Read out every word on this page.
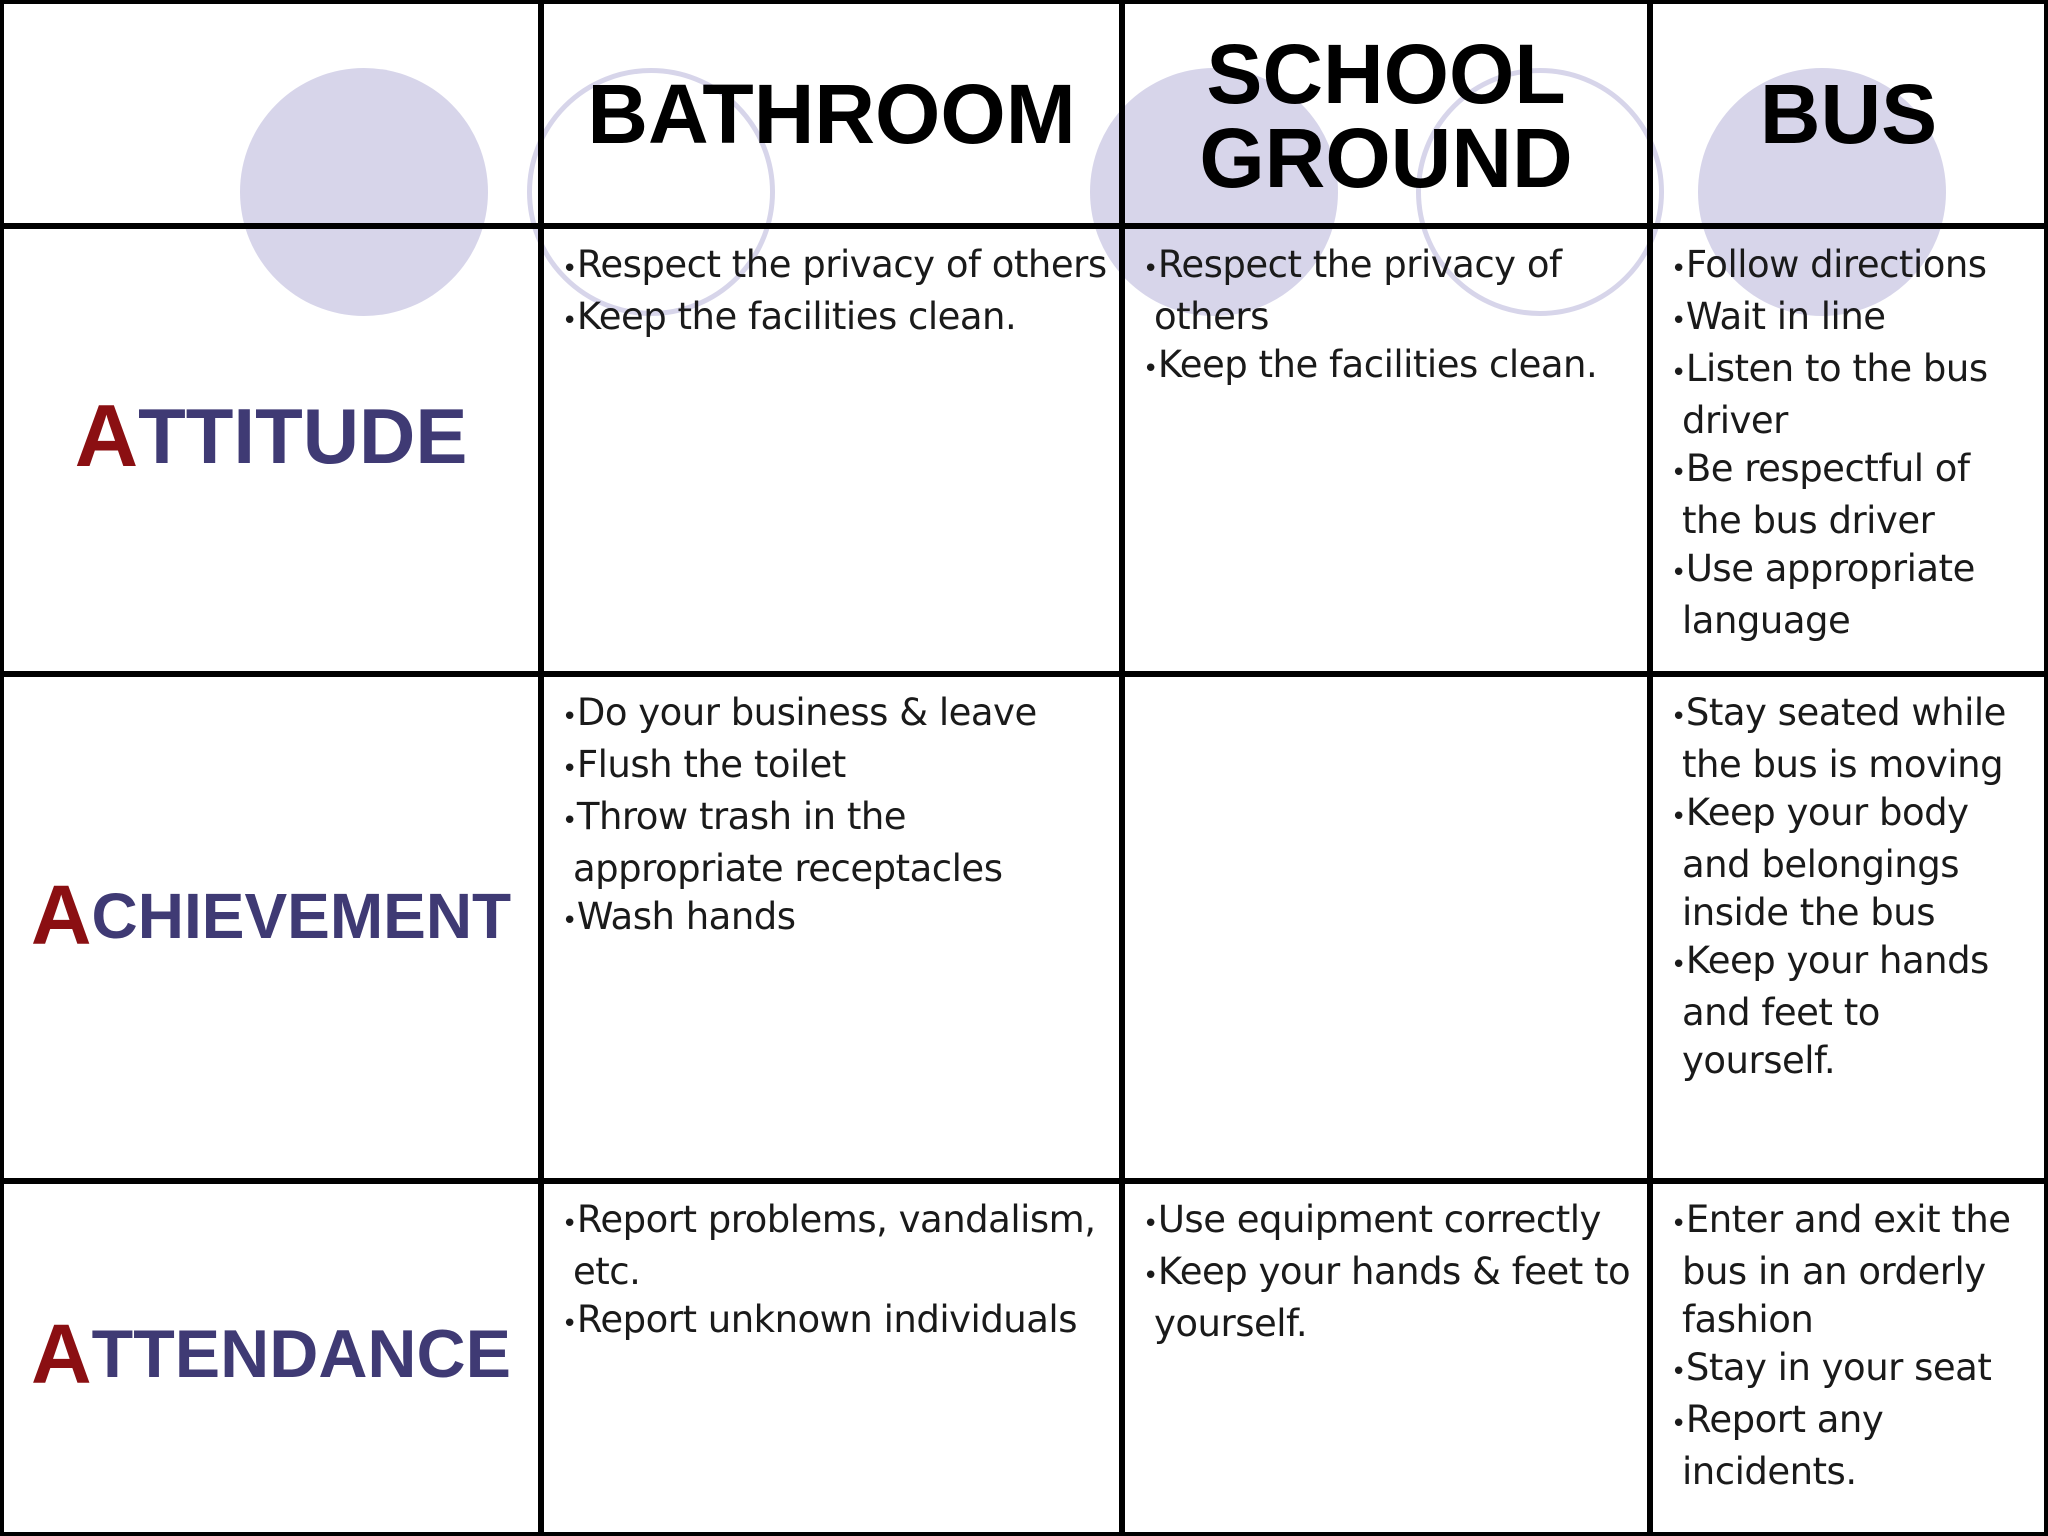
BATHROOM SCHOOL
GROUND BUS
A TTITUDE
•Respect the privacy of others
•Keep the facilities clean.
•Respect the privacy of others
•Keep the facilities clean.
•Follow directions
•Wait in line
•Listen to the bus driver
•Be respectful of the bus driver
•Use appropriate language
A CHIEVEMENT
•Do your business & leave
•Flush the toilet
•Throw trash in the appropriate receptacles
•Wash hands
•Stay seated while the bus is moving
•Keep your body and belongings inside the bus
•Keep your hands and feet to yourself.
A TTENDANCE
•Report problems, vandalism, etc.
•Report unknown individuals
•Use equipment correctly
•Keep your hands & feet to yourself.
•Enter and exit the bus in an orderly fashion
•Stay in your seat
•Report any incidents.
